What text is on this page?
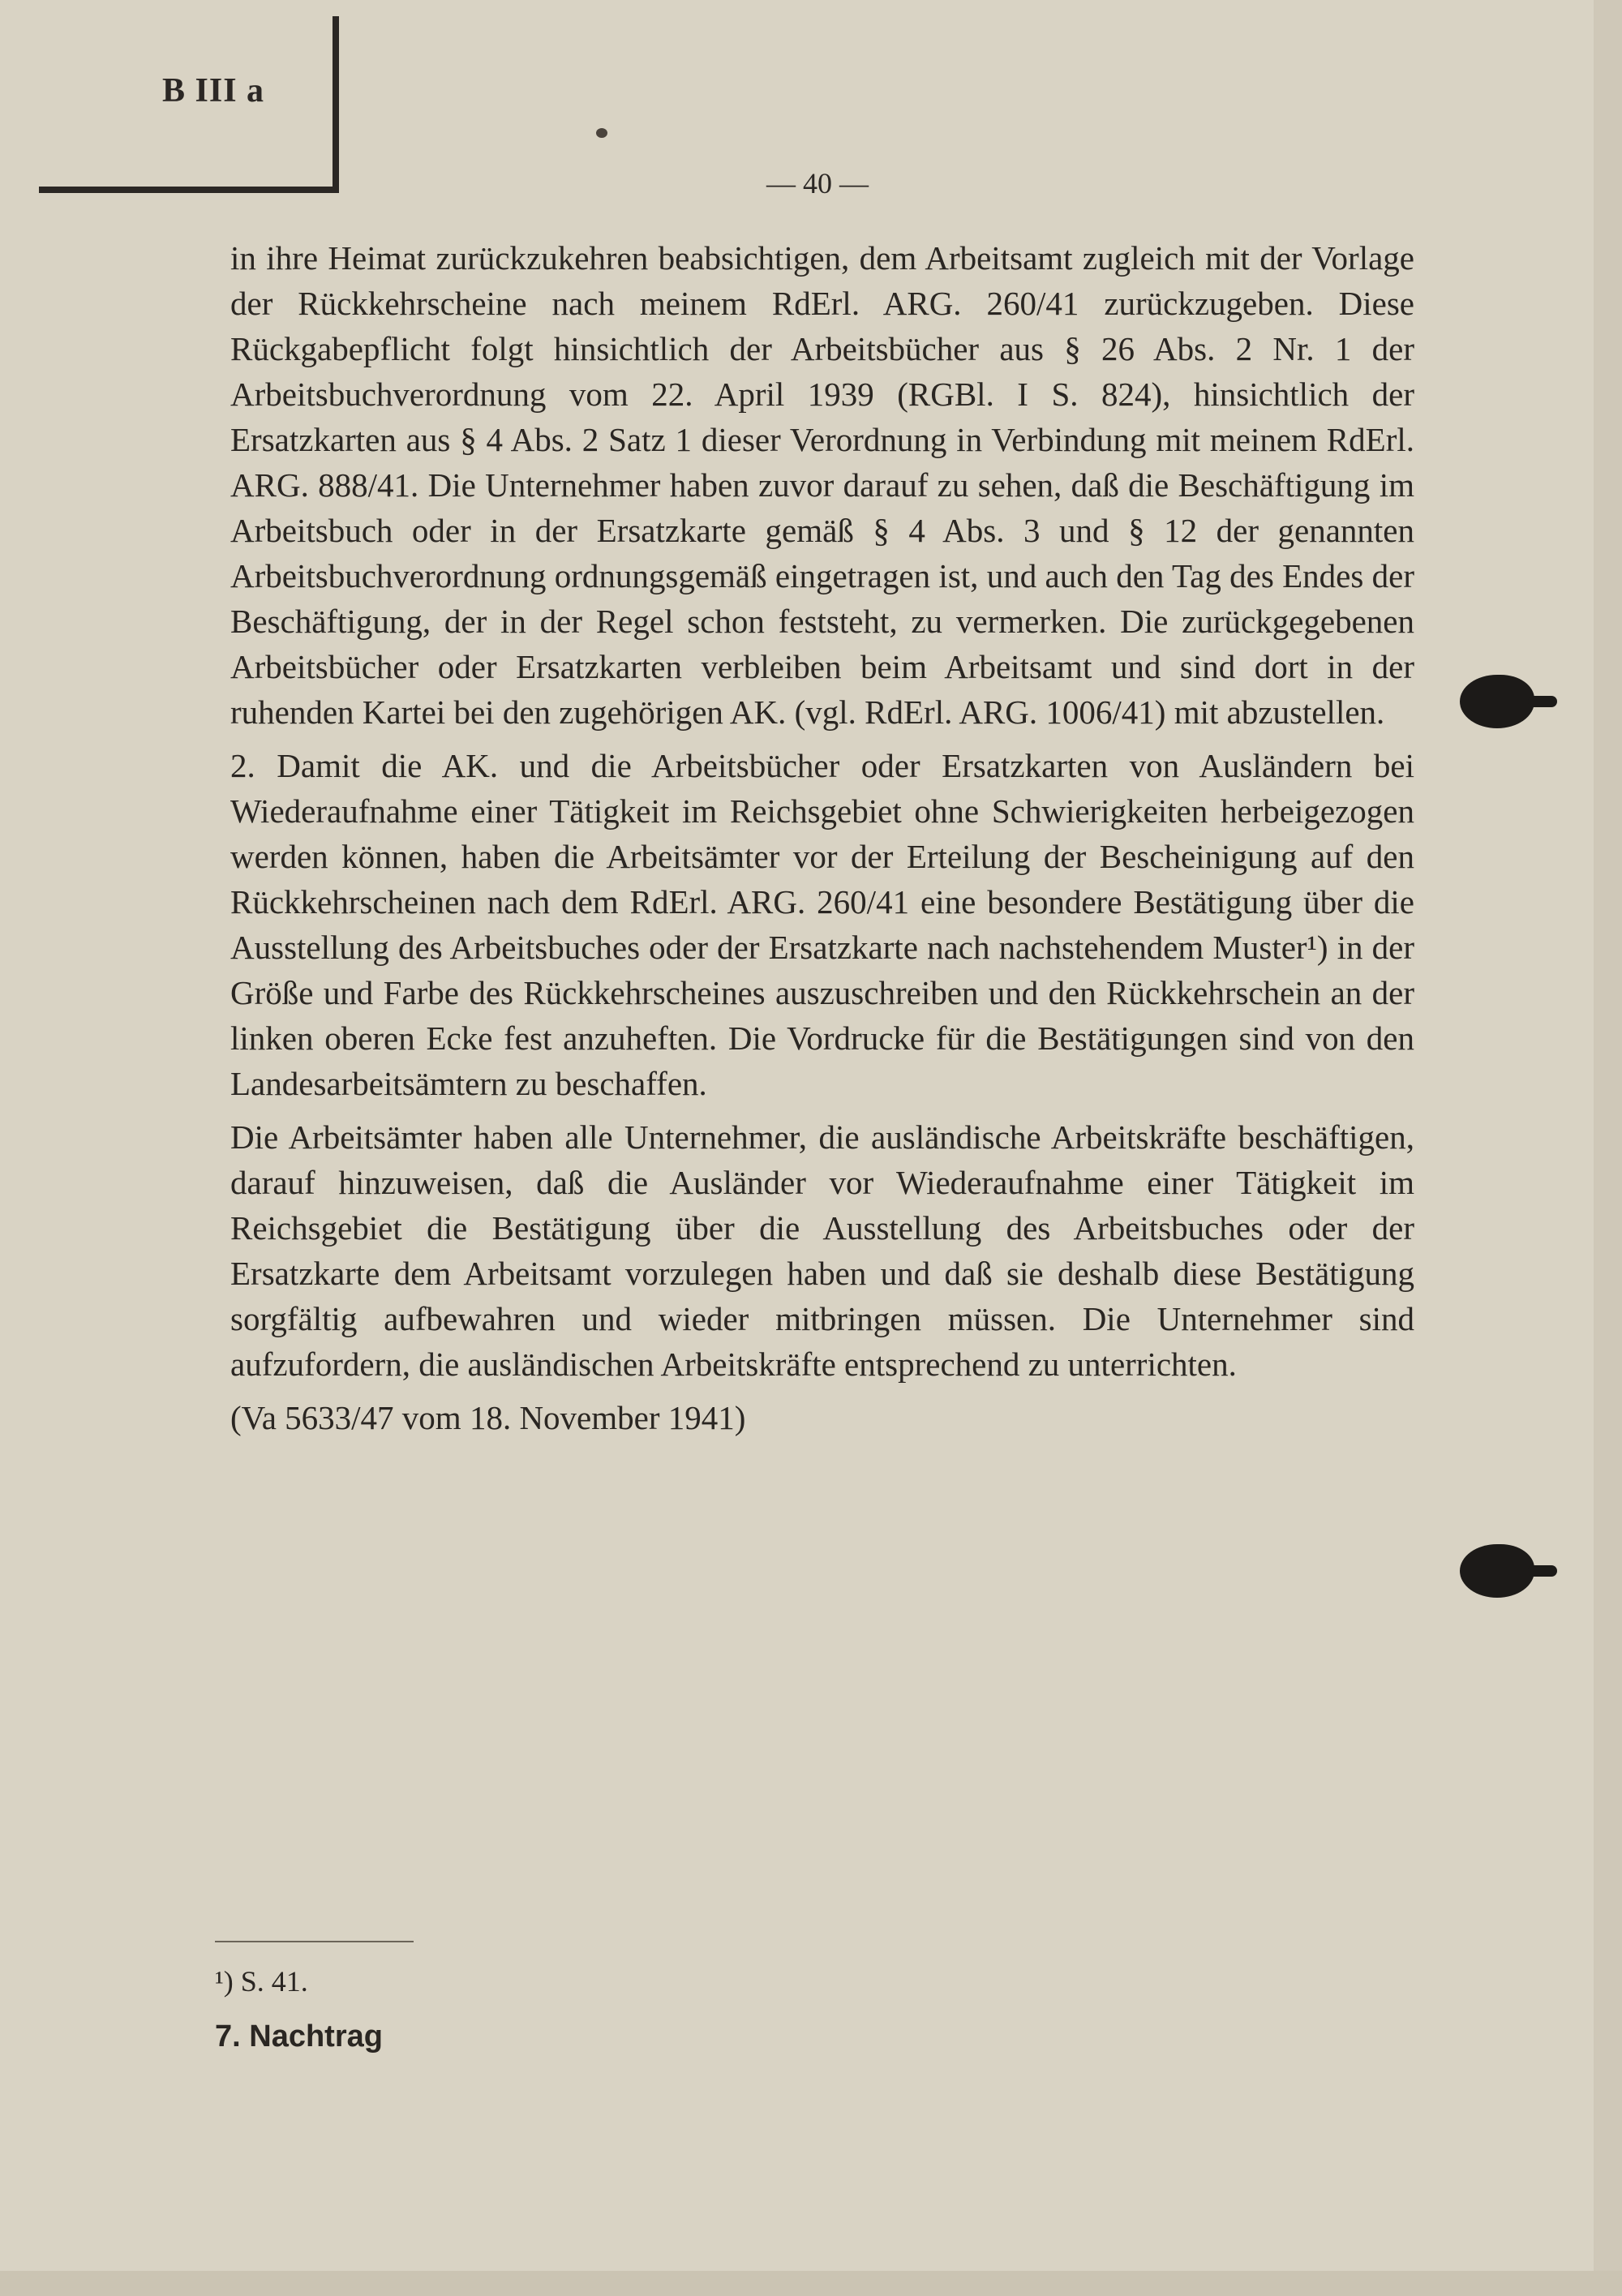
B III a
— 40 —

in ihre Heimat zurückzukehren beabsichtigen, dem Arbeitsamt zugleich mit der Vorlage der Rückkehrscheine nach meinem RdErl. ARG. 260/41 zurückzugeben. Diese Rückgabepflicht folgt hinsichtlich der Arbeitsbücher aus § 26 Abs. 2 Nr. 1 der Arbeitsbuchverordnung vom 22. April 1939 (RGBl. I S. 824), hinsichtlich der Ersatzkarten aus § 4 Abs. 2 Satz 1 dieser Verordnung in Verbindung mit meinem RdErl. ARG. 888/41. Die Unternehmer haben zuvor darauf zu sehen, daß die Beschäftigung im Arbeitsbuch oder in der Ersatzkarte gemäß § 4 Abs. 3 und § 12 der genannten Arbeitsbuchverordnung ordnungsgemäß eingetragen ist, und auch den Tag des Endes der Beschäftigung, der in der Regel schon feststeht, zu vermerken. Die zurückgegebenen Arbeitsbücher oder Ersatzkarten verbleiben beim Arbeitsamt und sind dort in der ruhenden Kartei bei den zugehörigen AK. (vgl. RdErl. ARG. 1006/41) mit abzustellen.

2. Damit die AK. und die Arbeitsbücher oder Ersatzkarten von Ausländern bei Wiederaufnahme einer Tätigkeit im Reichsgebiet ohne Schwierigkeiten herbeigezogen werden können, haben die Arbeitsämter vor der Erteilung der Bescheinigung auf den Rückkehrscheinen nach dem RdErl. ARG. 260/41 eine besondere Bestätigung über die Ausstellung des Arbeitsbuches oder der Ersatzkarte nach nachstehendem Muster¹) in der Größe und Farbe des Rückkehrscheines auszuschreiben und den Rückkehrschein an der linken oberen Ecke fest anzuheften. Die Vordrucke für die Bestätigungen sind von den Landesarbeitsämtern zu beschaffen.

Die Arbeitsämter haben alle Unternehmer, die ausländische Arbeitskräfte beschäftigen, darauf hinzuweisen, daß die Ausländer vor Wiederaufnahme einer Tätigkeit im Reichsgebiet die Bestätigung über die Ausstellung des Arbeitsbuches oder der Ersatzkarte dem Arbeitsamt vorzulegen haben und daß sie deshalb diese Bestätigung sorgfältig aufbewahren und wieder mitbringen müssen. Die Unternehmer sind aufzufordern, die ausländischen Arbeitskräfte entsprechend zu unterrichten.

(Va 5633/47 vom 18. November 1941)

¹) S. 41.
7. Nachtrag
